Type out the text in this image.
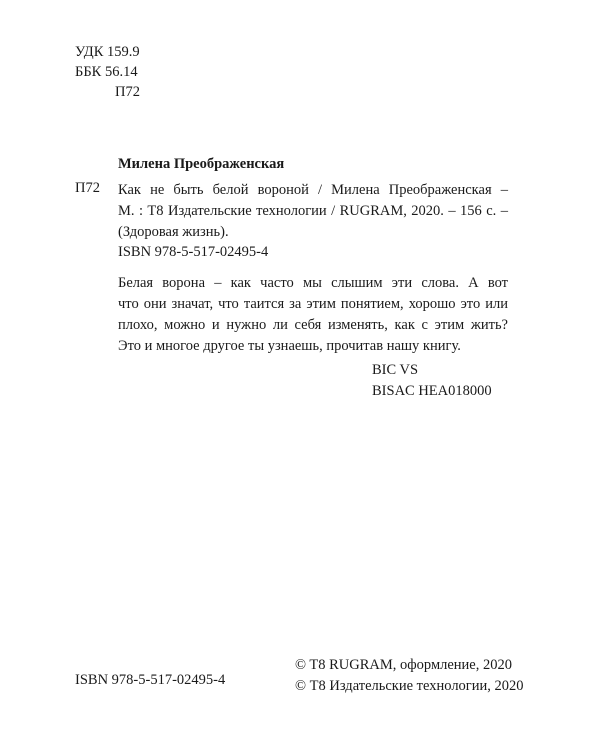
УДК 159.9
ББК 56.14
П72
Милена Преображенская
П72 Как не быть белой вороной / Милена Преображенская –
М. : Т8 Издательские технологии / RUGRAM, 2020. – 156 с. –
(Здоровая жизнь).
ISBN 978-5-517-02495-4
Белая ворона – как часто мы слышим эти слова. А вот
что они значат, что таится за этим понятием, хорошо это или
плохо, можно и нужно ли себя изменять, как с этим жить?
Это и многое другое ты узнаешь, прочитав нашу книгу.
BIC VS
BISAC HEA018000
ISBN 978-5-517-02495-4
© T8 RUGRAM, оформление, 2020
© Т8 Издательские технологии, 2020
